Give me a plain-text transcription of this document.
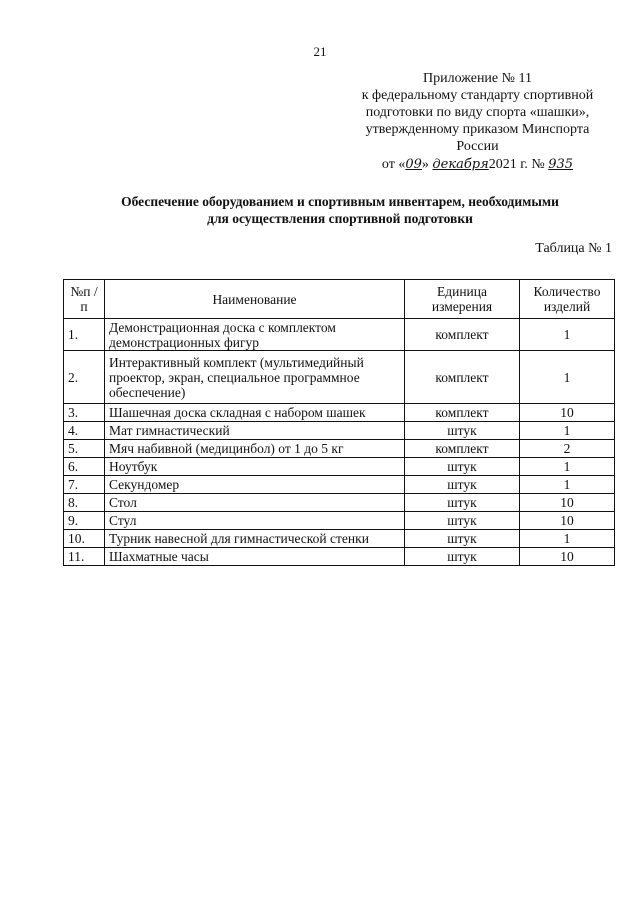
21
Приложение № 11
к федеральному стандарту спортивной
подготовки по виду спорта «шашки»,
утвержденному приказом Минспорта
России
от «09» декабря2021 г. № 935
Обеспечение оборудованием и спортивным инвентарем, необходимыми
для осуществления спортивной подготовки
Таблица № 1
№п /п	Наименование	Единица измерения	Количество изделий
1.	Демонстрационная доска с комплектом демонстрационных фигур	комплект	1
2.	Интерактивный комплект (мультимедийный проектор, экран, специальное программное обеспечение)	комплект	1
3.	Шашечная доска складная с набором шашек	комплект	10
4.	Мат гимнастический	штук	1
5.	Мяч набивной (медицинбол) от 1 до 5 кг	комплект	2
6.	Ноутбук	штук	1
7.	Секундомер	штук	1
8.	Стол	штук	10
9.	Стул	штук	10
10.	Турник навесной для гимнастической стенки	штук	1
11.	Шахматные часы	штук	10
